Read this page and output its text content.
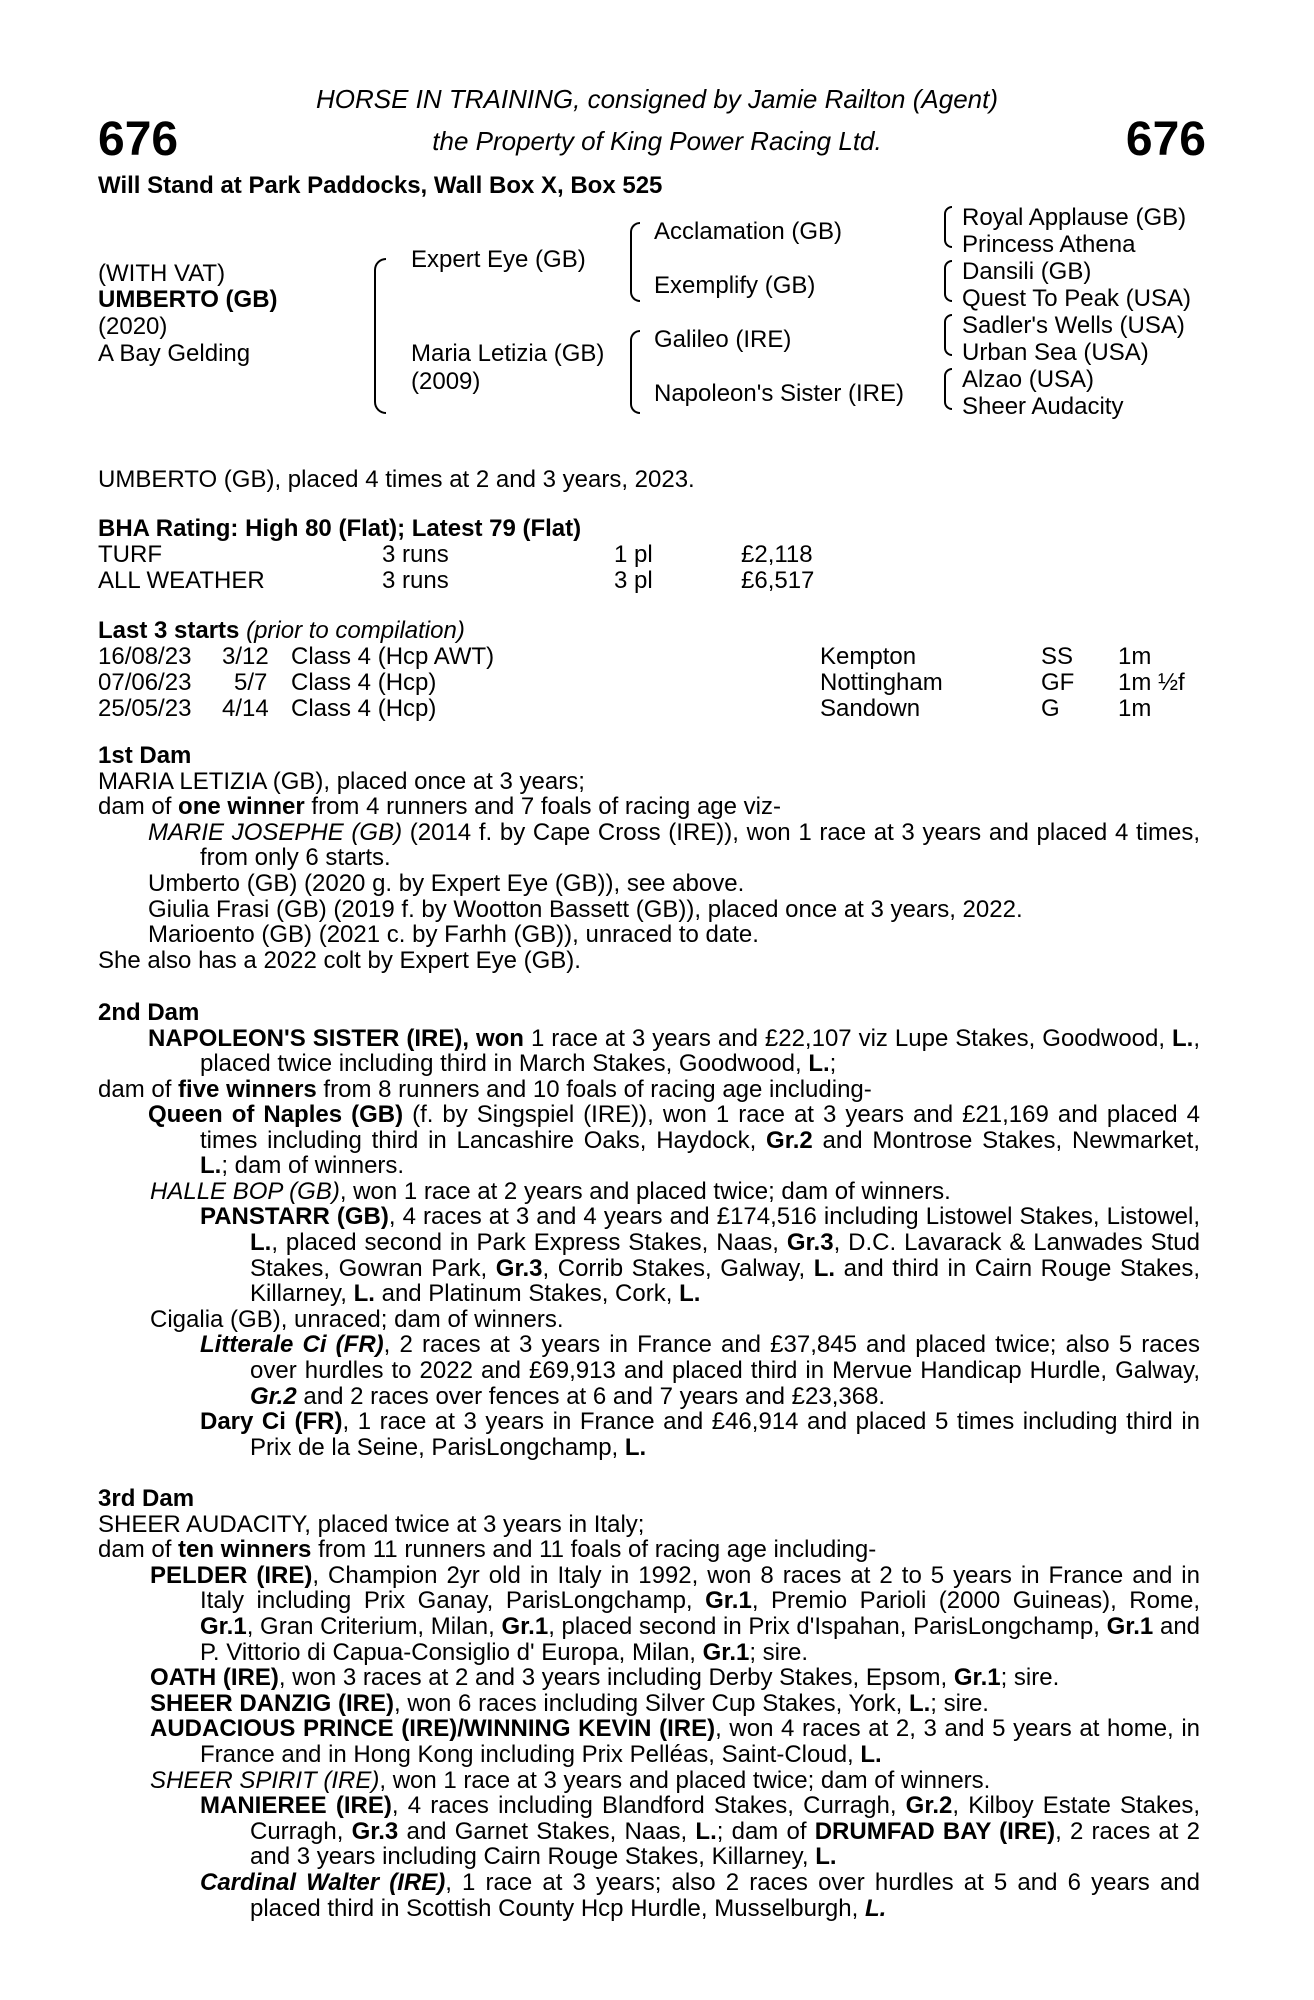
HORSE IN TRAINING, consigned by Jamie Railton (Agent)
the Property of King Power Racing Ltd.
676	676
Will Stand at Park Paddocks, Wall Box X, Box 525
(WITH VAT)
UMBERTO (GB)
(2020)
A Bay Gelding
Expert Eye (GB)
Maria Letizia (GB)
(2009)
Acclamation (GB)
Exemplify (GB)
Galileo (IRE)
Napoleon's Sister (IRE)
Royal Applause (GB)
Princess Athena
Dansili (GB)
Quest To Peak (USA)
Sadler's Wells (USA)
Urban Sea (USA)
Alzao (USA)
Sheer Audacity
UMBERTO (GB), placed 4 times at 2 and 3 years, 2023.
BHA Rating: High 80 (Flat); Latest 79 (Flat)
TURF	3 runs	1 pl	£2,118
ALL WEATHER	3 runs	3 pl	£6,517
Last 3 starts (prior to compilation)
16/08/23 3/12 Class 4 (Hcp AWT)	Kempton	SS 1m
07/06/23 5/7 Class 4 (Hcp)	Nottingham	GF 1m ½f
25/05/23 4/14 Class 4 (Hcp)	Sandown	G 1m

1st Dam

MARIA LETIZIA (GB), placed once at 3 years;

dam of one winner from 4 runners and 7 foals of racing age viz-

MARIE JOSEPHE (GB) (2014 f. by Cape Cross (IRE)), won 1 race at 3 years and placed 4 times, from only 6 starts.

Umberto (GB) (2020 g. by Expert Eye (GB)), see above.

Giulia Frasi (GB) (2019 f. by Wootton Bassett (GB)), placed once at 3 years, 2022.

Marioento (GB) (2021 c. by Farhh (GB)), unraced to date.

She also has a 2022 colt by Expert Eye (GB).

2nd Dam

NAPOLEON'S SISTER (IRE), won 1 race at 3 years and £22,107 viz Lupe Stakes, Goodwood, L., placed twice including third in March Stakes, Goodwood, L.;

dam of five winners from 8 runners and 10 foals of racing age including-

Queen of Naples (GB) (f. by Singspiel (IRE)), won 1 race at 3 years and £21,169 and placed 4 times including third in Lancashire Oaks, Haydock, Gr.2 and Montrose Stakes, Newmarket, L.; dam of winners.

HALLE BOP (GB), won 1 race at 2 years and placed twice; dam of winners.

PANSTARR (GB), 4 races at 3 and 4 years and £174,516 including Listowel Stakes, Listowel, L., placed second in Park Express Stakes, Naas, Gr.3, D.C. Lavarack & Lanwades Stud Stakes, Gowran Park, Gr.3, Corrib Stakes, Galway, L. and third in Cairn Rouge Stakes, Killarney, L. and Platinum Stakes, Cork, L.

Cigalia (GB), unraced; dam of winners.

Litterale Ci (FR), 2 races at 3 years in France and £37,845 and placed twice; also 5 races over hurdles to 2022 and £69,913 and placed third in Mervue Handicap Hurdle, Galway, Gr.2 and 2 races over fences at 6 and 7 years and £23,368.

Dary Ci (FR), 1 race at 3 years in France and £46,914 and placed 5 times including third in Prix de la Seine, ParisLongchamp, L.

3rd Dam

SHEER AUDACITY, placed twice at 3 years in Italy;

dam of ten winners from 11 runners and 11 foals of racing age including-

PELDER (IRE), Champion 2yr old in Italy in 1992, won 8 races at 2 to 5 years in France and in Italy including Prix Ganay, ParisLongchamp, Gr.1, Premio Parioli (2000 Guineas), Rome, Gr.1, Gran Criterium, Milan, Gr.1, placed second in Prix d'Ispahan, ParisLongchamp, Gr.1 and P. Vittorio di Capua-Consiglio d' Europa, Milan, Gr.1; sire.

OATH (IRE), won 3 races at 2 and 3 years including Derby Stakes, Epsom, Gr.1; sire.

SHEER DANZIG (IRE), won 6 races including Silver Cup Stakes, York, L.; sire.

AUDACIOUS PRINCE (IRE)/WINNING KEVIN (IRE), won 4 races at 2, 3 and 5 years at home, in France and in Hong Kong including Prix Pelléas, Saint-Cloud, L.

SHEER SPIRIT (IRE), won 1 race at 3 years and placed twice; dam of winners.

MANIEREE (IRE), 4 races including Blandford Stakes, Curragh, Gr.2, Kilboy Estate Stakes, Curragh, Gr.3 and Garnet Stakes, Naas, L.; dam of DRUMFAD BAY (IRE), 2 races at 2 and 3 years including Cairn Rouge Stakes, Killarney, L.

Cardinal Walter (IRE), 1 race at 3 years; also 2 races over hurdles at 5 and 6 years and placed third in Scottish County Hcp Hurdle, Musselburgh, L.
